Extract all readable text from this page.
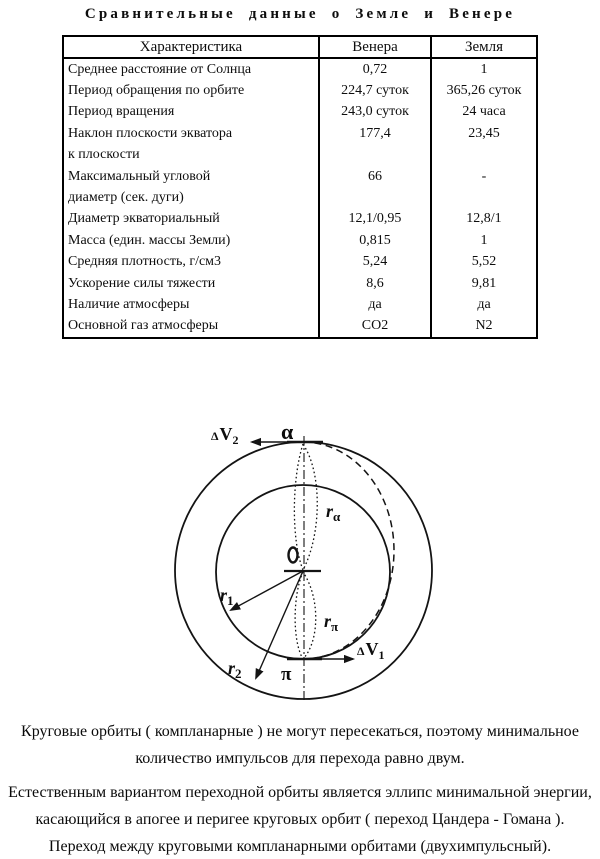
Сравнительные данные о Земле и Венере
Характеристика	Венера	Земля
Среднее расстояние от Солнца	0,72	1
Период обращения по орбите	224,7 суток	365,26 суток
Период вращения	243,0 суток	24 часа
Наклон плоскости экватора	177,4	23,45
к плоскости
Максимальный угловой	66	-
диаметр (сек. дуги)
Диаметр экваториальный	12,1/0,95	12,8/1
Масса (един. массы Земли)	0,815	1
Средняя плотность, г/см3	5,24	5,52
Ускорение силы тяжести	8,6	9,81
Наличие атмосферы	да	да
Основной газ атмосферы	CO2	N2
α
π
$\Delta V_2$
$\Delta V_1$
$r_1$
$r_2$
$r_\alpha$
$r_\pi$
Круговые орбиты ( компланарные ) не могут пересекаться, поэтому минимальное
количество импульсов для перехода равно двум.
Естественным вариантом переходной орбиты является эллипс минимальной энергии,
касающийся в апогее и перигее круговых орбит ( переход Цандера - Гомана ).
Переход между круговыми компланарными орбитами (двухимпульсный).
